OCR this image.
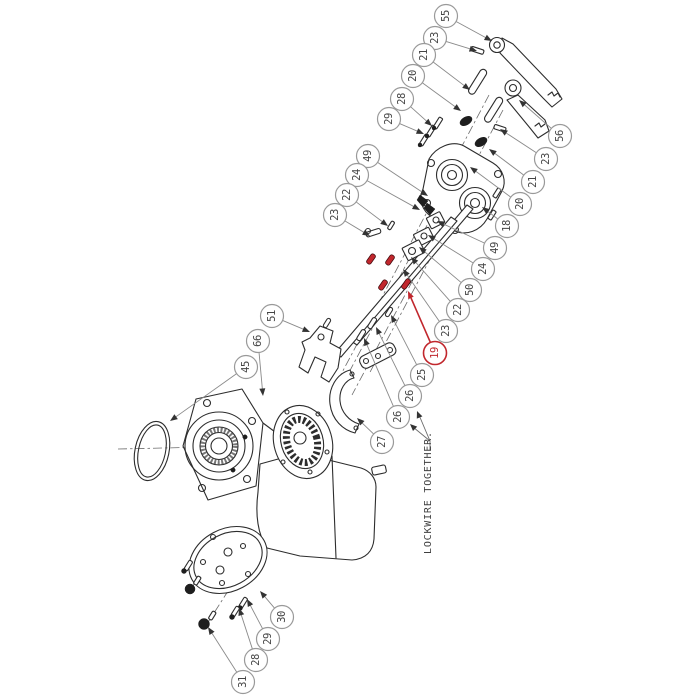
LOCKWIRE TOGETHER.
55
23
21
20
28
29
49
24
22
23
56
23
21
20
18
49
24
50
22
23
19
25
26
26
27
51
66
45
30
29
28
31
